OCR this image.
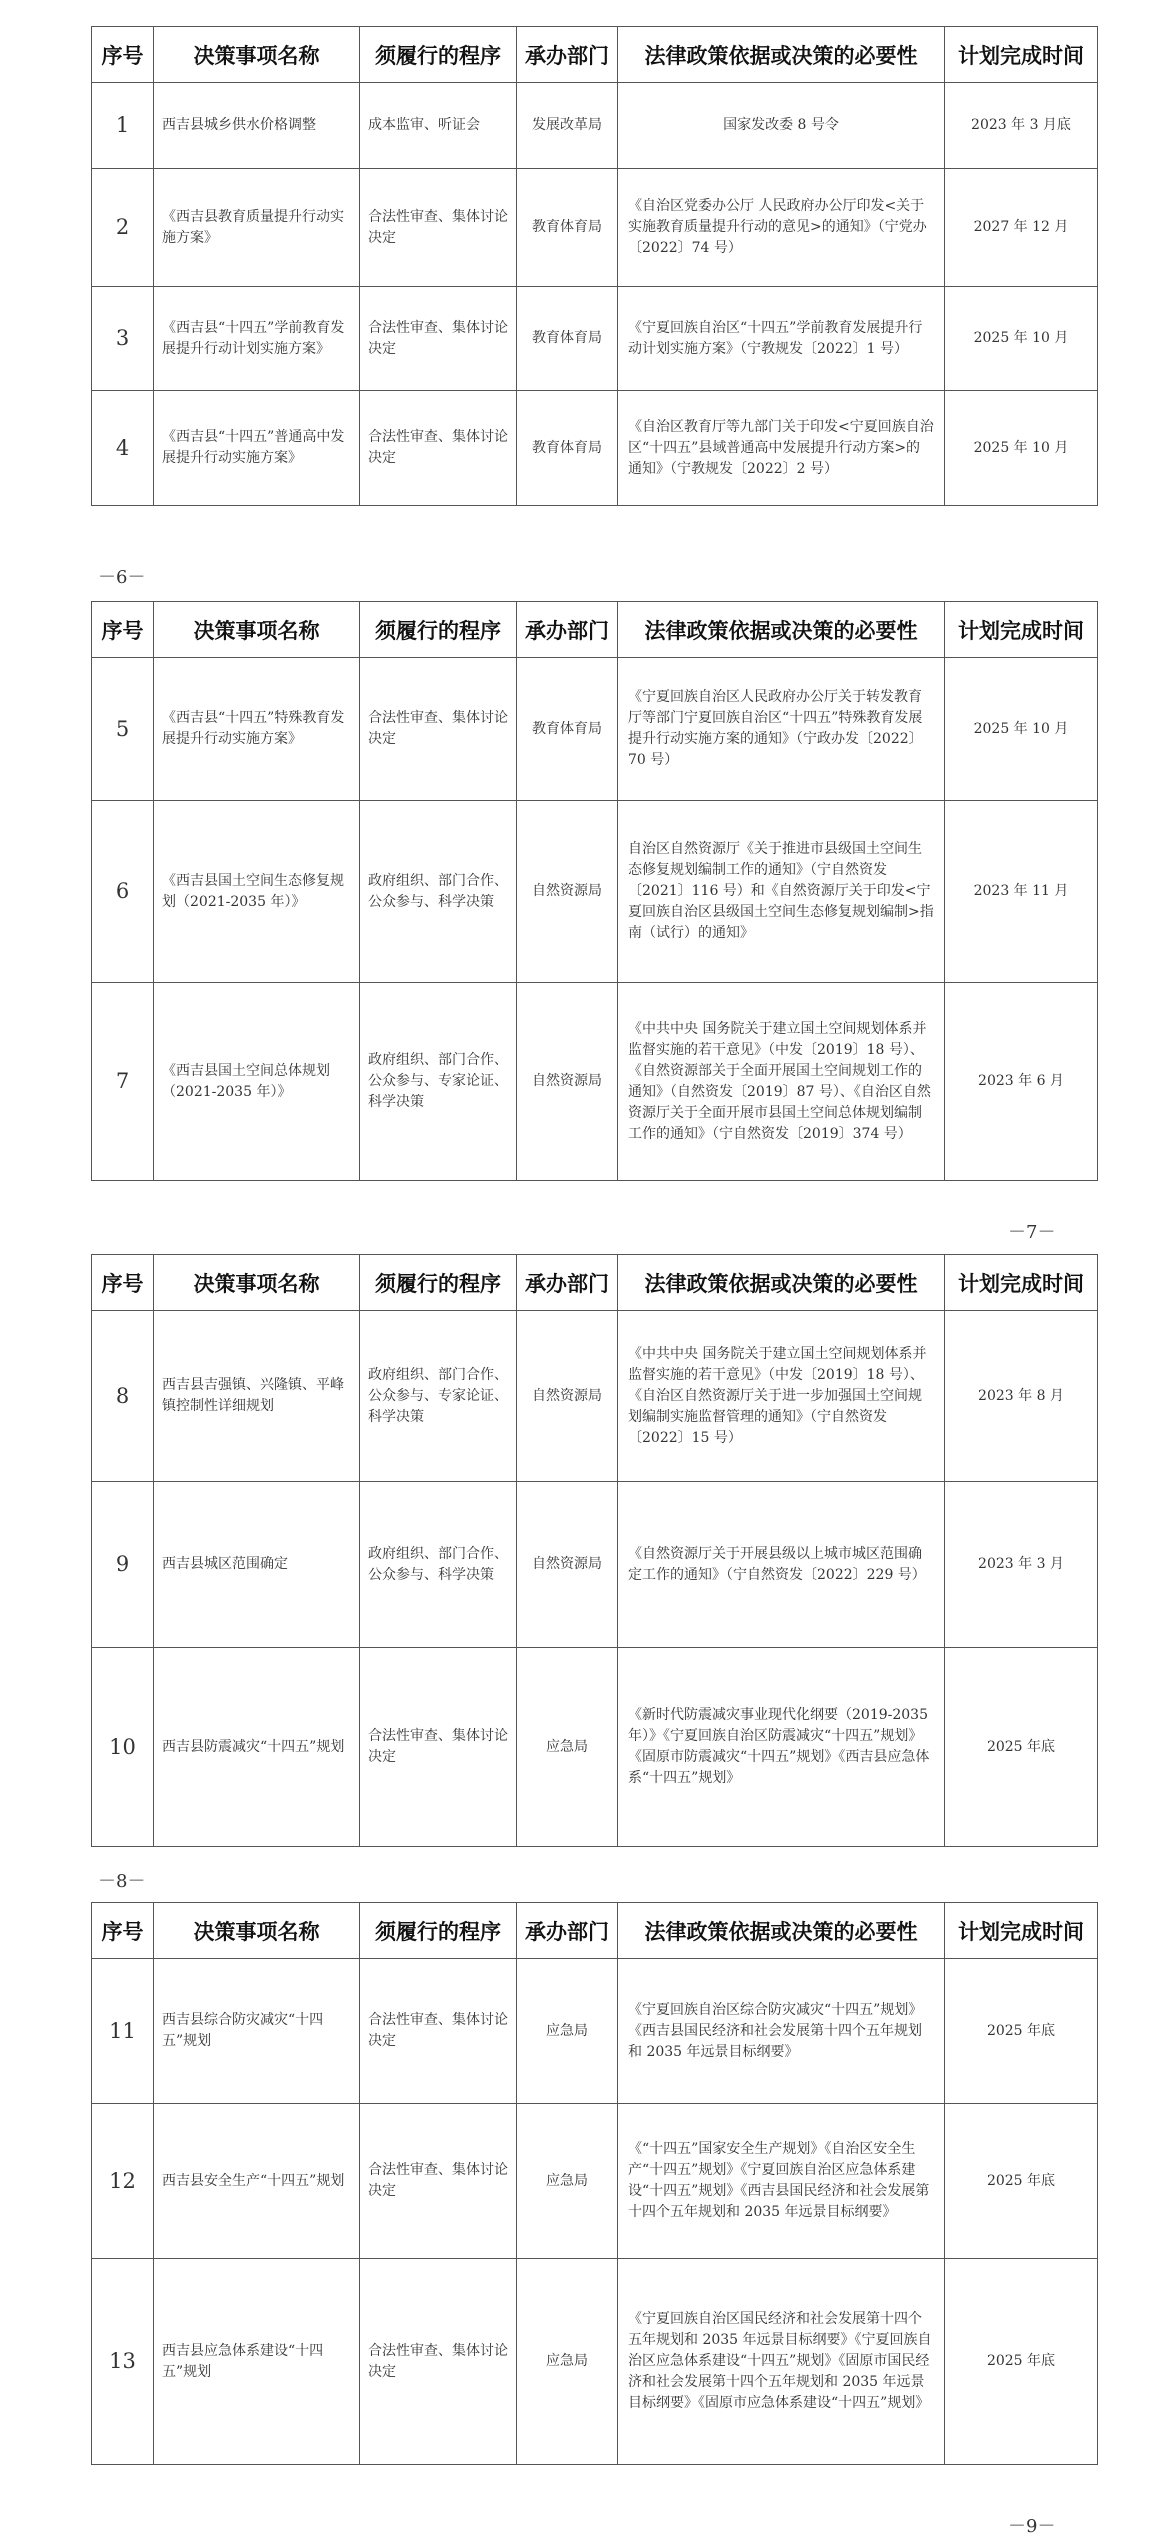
序号	决策事项名称	须履行的程序	承办部门	法律政策依据或决策的必要性	计划完成时间
1	西吉县城乡供水价格调整	成本监审、听证会	发展改革局	国家发改委 8 号令	2023 年 3 月底
2	《西吉县教育质量提升行动实施方案》	合法性审查、集体讨论决定	教育体育局	《自治区党委办公厅 人民政府办公厅印发<关于实施教育质量提升行动的意见>的通知》（宁党办〔2022〕74 号）	2027 年 12 月
3	《西吉县“十四五”学前教育发展提升行动计划实施方案》	合法性审查、集体讨论决定	教育体育局	《宁夏回族自治区“十四五”学前教育发展提升行动计划实施方案》（宁教规发〔2022〕1 号）	2025 年 10 月
4	《西吉县“十四五”普通高中发展提升行动实施方案》	合法性审查、集体讨论决定	教育体育局	《自治区教育厅等九部门关于印发<宁夏回族自治区“十四五”县域普通高中发展提升行动方案>的通知》（宁教规发〔2022〕2 号）	2025 年 10 月
－6－
序号	决策事项名称	须履行的程序	承办部门	法律政策依据或决策的必要性	计划完成时间
5	《西吉县“十四五”特殊教育发展提升行动实施方案》	合法性审查、集体讨论决定	教育体育局	《宁夏回族自治区人民政府办公厅关于转发教育厅等部门宁夏回族自治区“十四五”特殊教育发展提升行动实施方案的通知》（宁政办发〔2022〕70 号）	2025 年 10 月
6	《西吉县国土空间生态修复规划（2021-2035 年）》	政府组织、部门合作、公众参与、科学决策	自然资源局	自治区自然资源厅《关于推进市县级国土空间生态修复规划编制工作的通知》（宁自然资发〔2021〕116 号）和《自然资源厅关于印发<宁夏回族自治区县级国土空间生态修复规划编制>指南（试行）的通知》	2023 年 11 月
7	《西吉县国土空间总体规划（2021-2035 年）》	政府组织、部门合作、公众参与、专家论证、科学决策	自然资源局	《中共中央 国务院关于建立国土空间规划体系并监督实施的若干意见》（中发〔2019〕18 号）、《自然资源部关于全面开展国土空间规划工作的通知》（自然资发〔2019〕87 号）、《自治区自然资源厅关于全面开展市县国土空间总体规划编制工作的通知》（宁自然资发〔2019〕374 号）	2023 年 6 月
－7－
序号	决策事项名称	须履行的程序	承办部门	法律政策依据或决策的必要性	计划完成时间
8	西吉县吉强镇、兴隆镇、平峰镇控制性详细规划	政府组织、部门合作、公众参与、专家论证、科学决策	自然资源局	《中共中央 国务院关于建立国土空间规划体系并监督实施的若干意见》（中发〔2019〕18 号）、《自治区自然资源厅关于进一步加强国土空间规划编制实施监督管理的通知》（宁自然资发〔2022〕15 号）	2023 年 8 月
9	西吉县城区范围确定	政府组织、部门合作、公众参与、科学决策	自然资源局	《自然资源厅关于开展县级以上城市城区范围确定工作的通知》（宁自然资发〔2022〕229 号）	2023 年 3 月
10	西吉县防震减灾“十四五”规划	合法性审查、集体讨论决定	应急局	《新时代防震减灾事业现代化纲要（2019-2035 年）》《宁夏回族自治区防震减灾“十四五”规划》《固原市防震减灾“十四五”规划》《西吉县应急体系“十四五”规划》	2025 年底
－8－
序号	决策事项名称	须履行的程序	承办部门	法律政策依据或决策的必要性	计划完成时间
11	西吉县综合防灾减灾“十四五”规划	合法性审查、集体讨论决定	应急局	《宁夏回族自治区综合防灾减灾“十四五”规划》《西吉县国民经济和社会发展第十四个五年规划和 2035 年远景目标纲要》	2025 年底
12	西吉县安全生产“十四五”规划	合法性审查、集体讨论决定	应急局	《“十四五”国家安全生产规划》《自治区安全生产“十四五”规划》《宁夏回族自治区应急体系建设“十四五”规划》《西吉县国民经济和社会发展第十四个五年规划和 2035 年远景目标纲要》	2025 年底
13	西吉县应急体系建设“十四五”规划	合法性审查、集体讨论决定	应急局	《宁夏回族自治区国民经济和社会发展第十四个五年规划和 2035 年远景目标纲要》《宁夏回族自治区应急体系建设“十四五”规划》《固原市国民经济和社会发展第十四个五年规划和 2035 年远景目标纲要》《固原市应急体系建设“十四五”规划》	2025 年底
－9－
